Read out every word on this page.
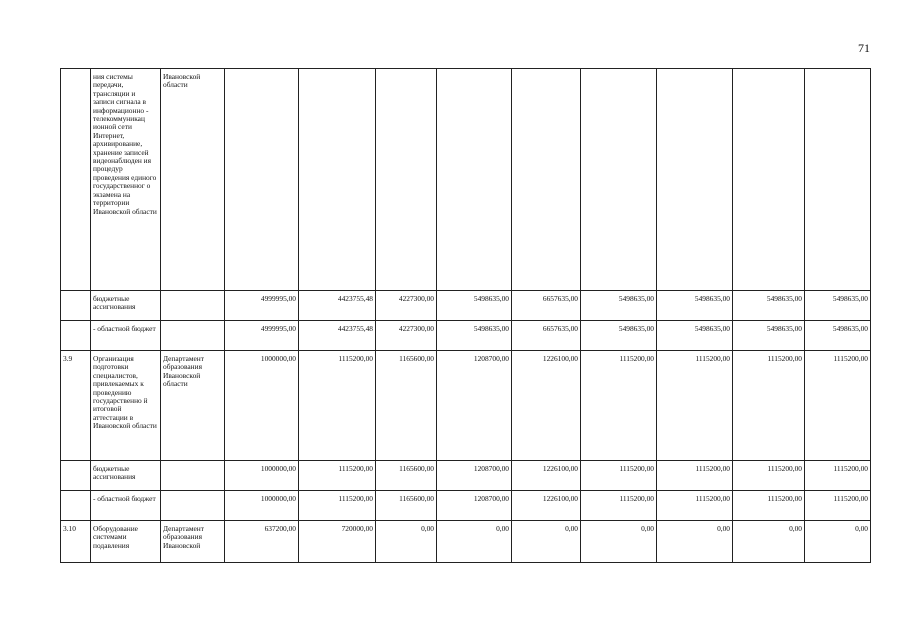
71
	ния системы передачи, трансляции и записи сигнала в информационно - телекоммуникац ионной сети Интернет, архивирование, хранение записей видеонаблюден ия процедур проведения единого государственног о экзамена на территории Ивановской области	Ивановской области									
	бюджетные ассигнования		4999995,00	4423755,48	4227300,00	5498635,00	6657635,00	5498635,00	5498635,00	5498635,00	5498635,00
	- областной бюджет		4999995,00	4423755,48	4227300,00	5498635,00	6657635,00	5498635,00	5498635,00	5498635,00	5498635,00
3.9	Организация подготовки специалистов, привлекаемых к проведению государственно й итоговой аттестации в Ивановской области	Департамент образования Ивановской области	1000000,00	1115200,00	1165600,00	1208700,00	1226100,00	1115200,00	1115200,00	1115200,00	1115200,00
	бюджетные ассигнования		1000000,00	1115200,00	1165600,00	1208700,00	1226100,00	1115200,00	1115200,00	1115200,00	1115200,00
	- областной бюджет		1000000,00	1115200,00	1165600,00	1208700,00	1226100,00	1115200,00	1115200,00	1115200,00	1115200,00
3.10	Оборудование системами подавления	Департамент образования Ивановской	637200,00	720000,00	0,00	0,00	0,00	0,00	0,00	0,00	0,00
